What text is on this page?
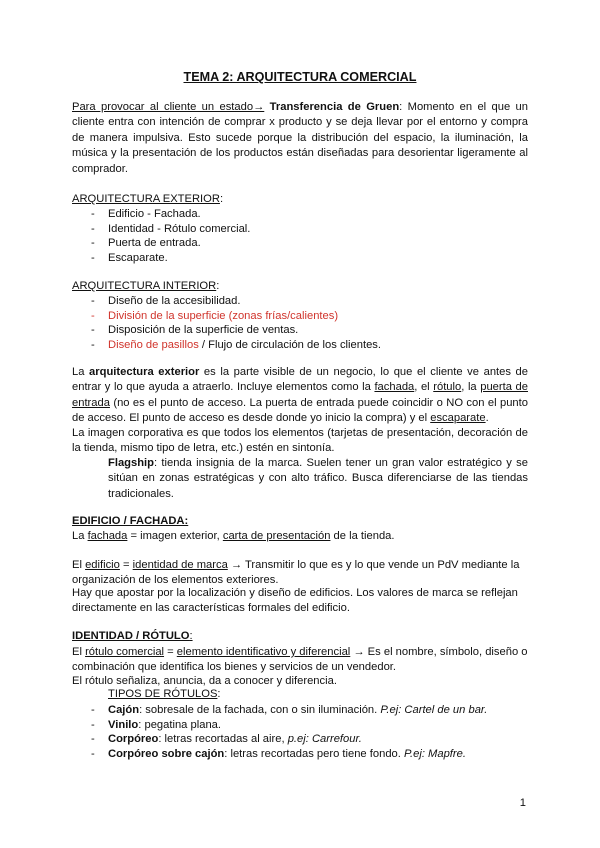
TEMA 2: ARQUITECTURA COMERCIAL
Para provocar al cliente un estado→ Transferencia de Gruen: Momento en el que un cliente entra con intención de comprar x producto y se deja llevar por el entorno y compra de manera impulsiva. Esto sucede porque la distribución del espacio, la iluminación, la música y la presentación de los productos están diseñadas para desorientar ligeramente al comprador.
ARQUITECTURA EXTERIOR:
- Edificio - Fachada.
- Identidad - Rótulo comercial.
- Puerta de entrada.
- Escaparate.
ARQUITECTURA INTERIOR:
- Diseño de la accesibilidad.
- División de la superficie (zonas frías/calientes)
- Disposición de la superficie de ventas.
- Diseño de pasillos / Flujo de circulación de los clientes.
La arquitectura exterior es la parte visible de un negocio, lo que el cliente ve antes de entrar y lo que ayuda a atraerlo. Incluye elementos como la fachada, el rótulo, la puerta de entrada (no es el punto de acceso. La puerta de entrada puede coincidir o NO con el punto de acceso. El punto de acceso es desde donde yo inicio la compra) y el escaparate.
La imagen corporativa es que todos los elementos (tarjetas de presentación, decoración de la tienda, mismo tipo de letra, etc.) estén en sintonía.
Flagship: tienda insignia de la marca. Suelen tener un gran valor estratégico y se sitúan en zonas estratégicas y con alto tráfico. Busca diferenciarse de las tiendas tradicionales.
EDIFICIO / FACHADA:
La fachada = imagen exterior, carta de presentación de la tienda.
El edificio = identidad de marca → Transmitir lo que es y lo que vende un PdV mediante la organización de los elementos exteriores.
Hay que apostar por la localización y diseño de edificios. Los valores de marca se reflejan directamente en las características formales del edificio.
IDENTIDAD / RÓTULO:
El rótulo comercial = elemento identificativo y diferencial → Es el nombre, símbolo, diseño o combinación que identifica los bienes y servicios de un vendedor.
El rótulo señaliza, anuncia, da a conocer y diferencia.
TIPOS DE RÓTULOS:
- Cajón: sobresale de la fachada, con o sin iluminación. P.ej: Cartel de un bar.
- Vinilo: pegatina plana.
- Corpóreo: letras recortadas al aire, p.ej: Carrefour.
- Corpóreo sobre cajón: letras recortadas pero tiene fondo. P.ej: Mapfre.
1
